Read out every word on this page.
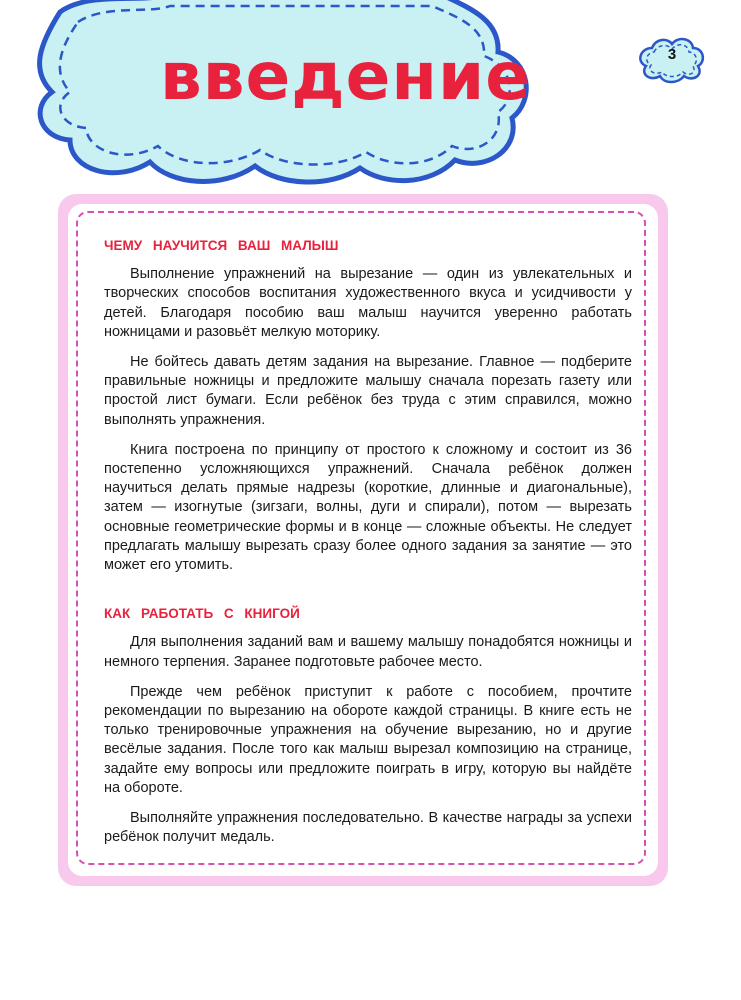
введение	3
ЧЕМУ НАУЧИТСЯ ВАШ МАЛЫШ

Выполнение упражнений на вырезание — один из увлекательных и творческих способов воспитания художественного вкуса и усидчивости у детей. Благодаря пособию ваш малыш научится уверенно работать ножницами и разовьёт мелкую моторику.

Не бойтесь давать детям задания на вырезание. Главное — подберите правильные ножницы и предложите малышу сначала порезать газету или простой лист бумаги. Если ребёнок без труда с этим справился, можно выполнять упражнения.

Книга построена по принципу от простого к сложному и состоит из 36 постепенно усложняющихся упражнений. Сначала ребёнок должен научиться делать прямые надрезы (короткие, длинные и диагональные), затем — изогнутые (зигзаги, волны, дуги и спирали), потом — вырезать основные геометрические формы и в конце — сложные объекты. Не следует предлагать малышу вырезать сразу более одного задания за занятие — это может его утомить.

КАК РАБОТАТЬ С КНИГОЙ

Для выполнения заданий вам и вашему малышу понадобятся ножницы и немного терпения. Заранее подготовьте рабочее место.

Прежде чем ребёнок приступит к работе с пособием, прочтите рекомендации по вырезанию на обороте каждой страницы. В книге есть не только тренировочные упражнения на обучение вырезанию, но и другие весёлые задания. После того как малыш вырезал композицию на странице, задайте ему вопросы или предложите поиграть в игру, которую вы найдёте на обороте.

Выполняйте упражнения последовательно. В качестве награды за успехи ребёнок получит медаль.
